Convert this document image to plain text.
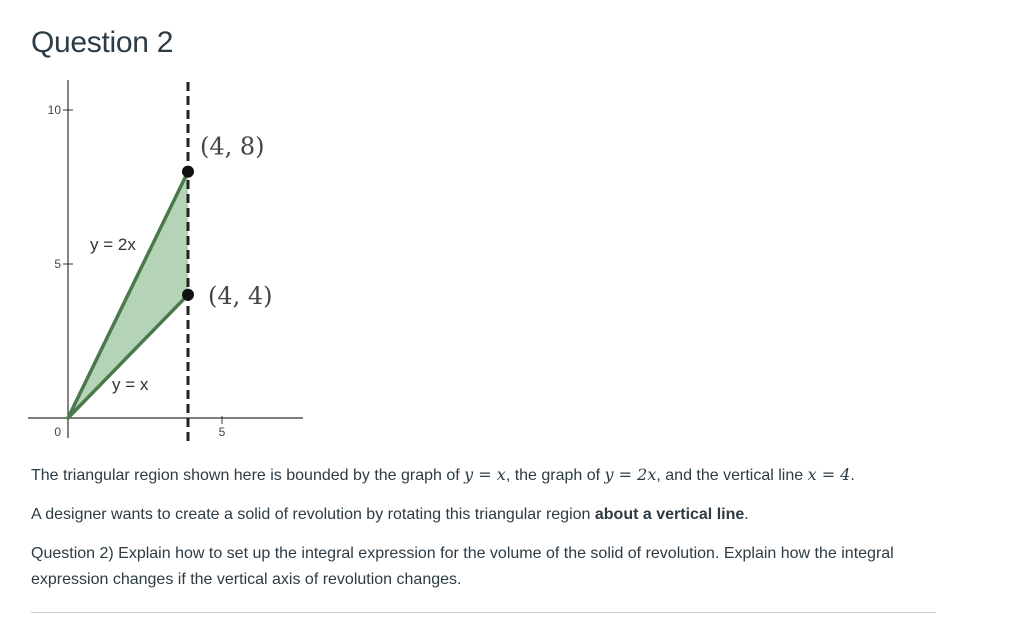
Question 2
5
10
0	5
(4, 8)
(4, 4)
y = 2x
y = x

The triangular region shown here is bounded by the graph of y = x, the graph of y = 2x, and the vertical line x = 4.

A designer wants to create a solid of revolution by rotating this triangular region about a vertical line.

Question 2) Explain how to set up the integral expression for the volume of the solid of revolution. Explain how the integral expression changes if the vertical axis of revolution changes.
